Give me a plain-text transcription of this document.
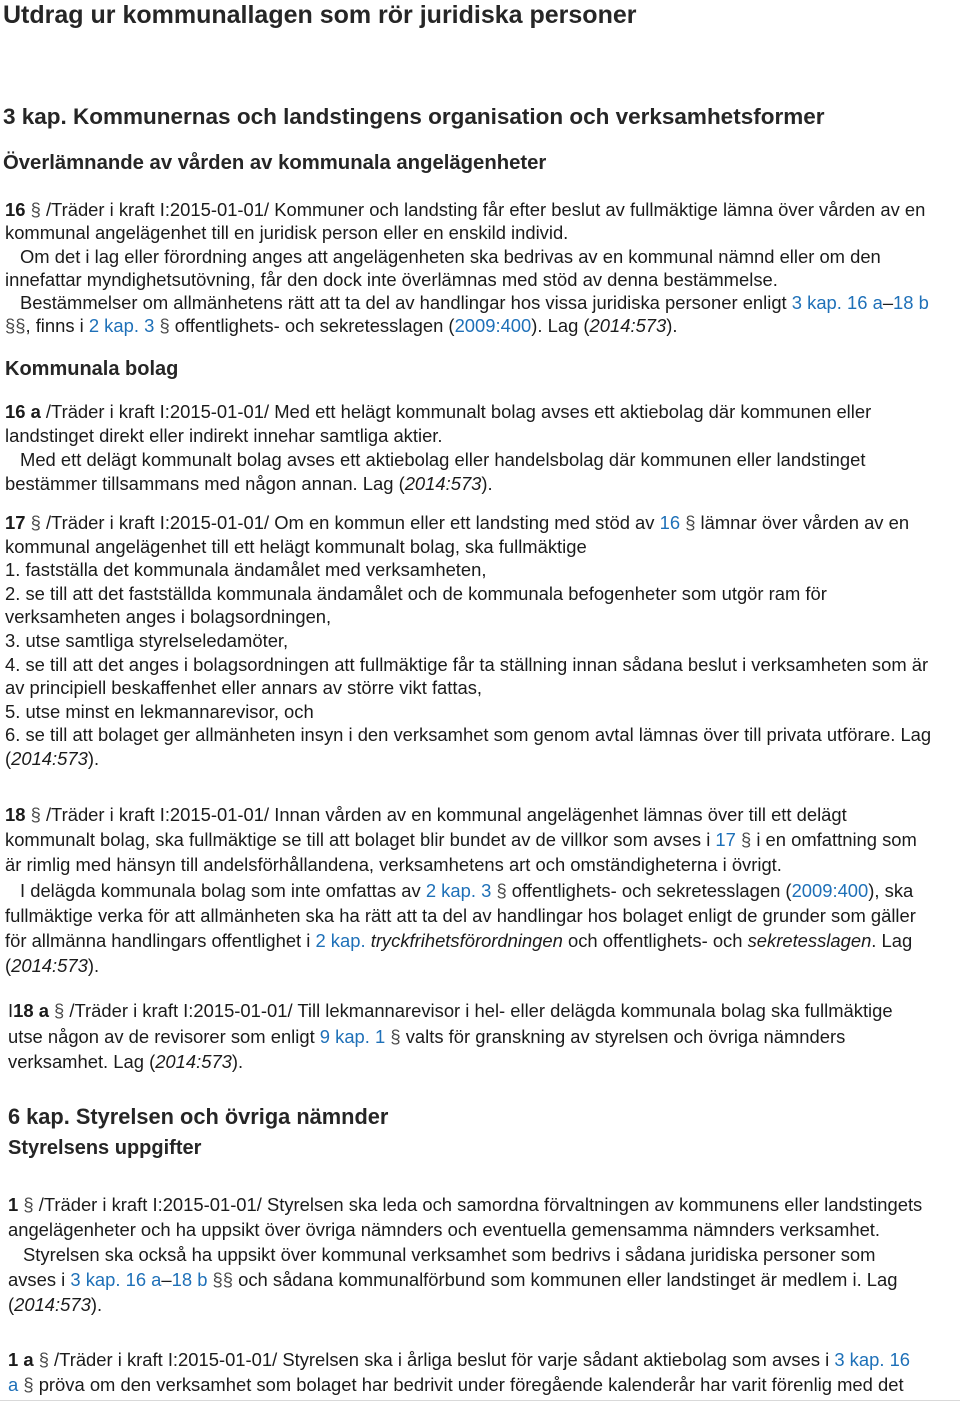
Utdrag ur kommunallagen som rör juridiska personer
3 kap. Kommunernas och landstingens organisation och verksamhetsformer
Överlämnande av vården av kommunala angelägenheter
16 § /Träder i kraft I:2015-01-01/ Kommuner och landsting får efter beslut av fullmäktige lämna över vården av en
kommunal angelägenhet till en juridisk person eller en enskild individ.
Om det i lag eller förordning anges att angelägenheten ska bedrivas av en kommunal nämnd eller om den
innefattar myndighetsutövning, får den dock inte överlämnas med stöd av denna bestämmelse.
Bestämmelser om allmänhetens rätt att ta del av handlingar hos vissa juridiska personer enligt 3 kap. 16 a–18 b
§§, finns i 2 kap. 3 § offentlighets- och sekretesslagen (2009:400). Lag (2014:573).
Kommunala bolag
16 a /Träder i kraft I:2015-01-01/ Med ett helägt kommunalt bolag avses ett aktiebolag där kommunen eller
landstinget direkt eller indirekt innehar samtliga aktier.
Med ett delägt kommunalt bolag avses ett aktiebolag eller handelsbolag där kommunen eller landstinget
bestämmer tillsammans med någon annan. Lag (2014:573).
17 § /Träder i kraft I:2015-01-01/ Om en kommun eller ett landsting med stöd av 16 § lämnar över vården av en
kommunal angelägenhet till ett helägt kommunalt bolag, ska fullmäktige
1. fastställa det kommunala ändamålet med verksamheten,
2. se till att det fastställda kommunala ändamålet och de kommunala befogenheter som utgör ram för
verksamheten anges i bolagsordningen,
3. utse samtliga styrelseledamöter,
4. se till att det anges i bolagsordningen att fullmäktige får ta ställning innan sådana beslut i verksamheten som är
av principiell beskaffenhet eller annars av större vikt fattas,
5. utse minst en lekmannarevisor, och
6. se till att bolaget ger allmänheten insyn i den verksamhet som genom avtal lämnas över till privata utförare. Lag
(2014:573).
18 § /Träder i kraft I:2015-01-01/ Innan vården av en kommunal angelägenhet lämnas över till ett delägt
kommunalt bolag, ska fullmäktige se till att bolaget blir bundet av de villkor som avses i 17 § i en omfattning som
är rimlig med hänsyn till andelsförhållandena, verksamhetens art och omständigheterna i övrigt.
I delägda kommunala bolag som inte omfattas av 2 kap. 3 § offentlighets- och sekretesslagen (2009:400), ska
fullmäktige verka för att allmänheten ska ha rätt att ta del av handlingar hos bolaget enligt de grunder som gäller
för allmänna handlingars offentlighet i 2 kap. tryckfrihetsförordningen och offentlighets- och sekretesslagen. Lag
(2014:573).
I18 a § /Träder i kraft I:2015-01-01/ Till lekmannarevisor i hel- eller delägda kommunala bolag ska fullmäktige
utse någon av de revisorer som enligt 9 kap. 1 § valts för granskning av styrelsen och övriga nämnders
verksamhet. Lag (2014:573).
6 kap. Styrelsen och övriga nämnder
Styrelsens uppgifter
1 § /Träder i kraft I:2015-01-01/ Styrelsen ska leda och samordna förvaltningen av kommunens eller landstingets
angelägenheter och ha uppsikt över övriga nämnders och eventuella gemensamma nämnders verksamhet.
Styrelsen ska också ha uppsikt över kommunal verksamhet som bedrivs i sådana juridiska personer som
avses i 3 kap. 16 a–18 b §§ och sådana kommunalförbund som kommunen eller landstinget är medlem i. Lag
(2014:573).
1 a § /Träder i kraft I:2015-01-01/ Styrelsen ska i årliga beslut för varje sådant aktiebolag som avses i 3 kap. 16
a § pröva om den verksamhet som bolaget har bedrivit under föregående kalenderår har varit förenlig med det
